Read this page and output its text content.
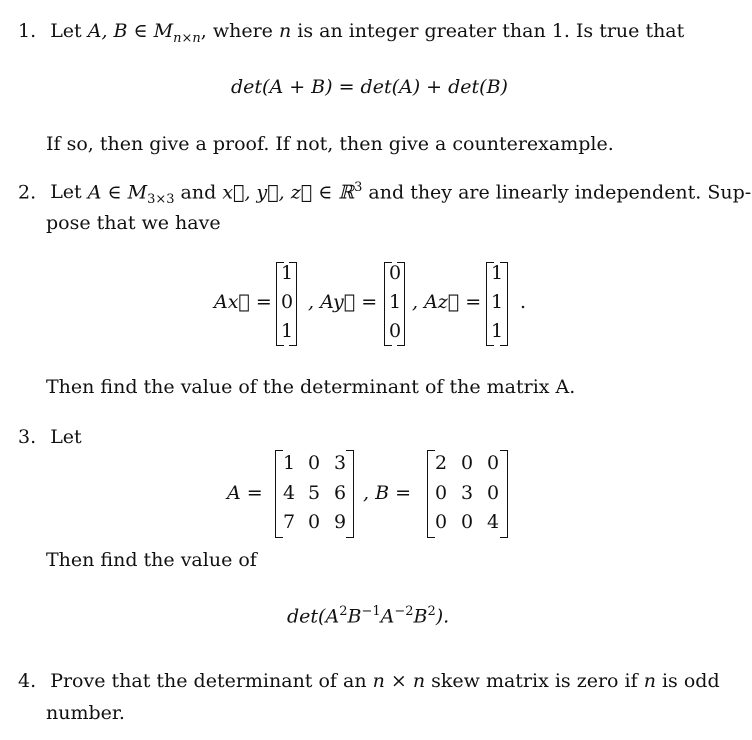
1. Let A, B ∈ $M_{n\times n}$, where n is an integer greater than 1. Is true that
det(A + B) = det(A) + det(B)
If so, then give a proof. If not, then give a counterexample.
2. Let A ∈ $M_{3\times 3}$ and x⃗, y⃗, z⃗ ∈ ℝ$^3$ and they are linearly independent. Sup-
pose that we have
Ax⃗ =
1
0
1
, Ay⃗ =
0
1
0
, Az⃗ =
1
1
1
.
Then find the value of the determinant of the matrix A.
3. Let
A =
1 0 3
4 5 6
7 0 9
, B =
2 0 0
0 3 0
0 0 4
Then find the value of
$\det(A^2B^{-1}A^{-2}B^2)$.
4. Prove that the determinant of an n × n skew matrix is zero if n is odd
number.
